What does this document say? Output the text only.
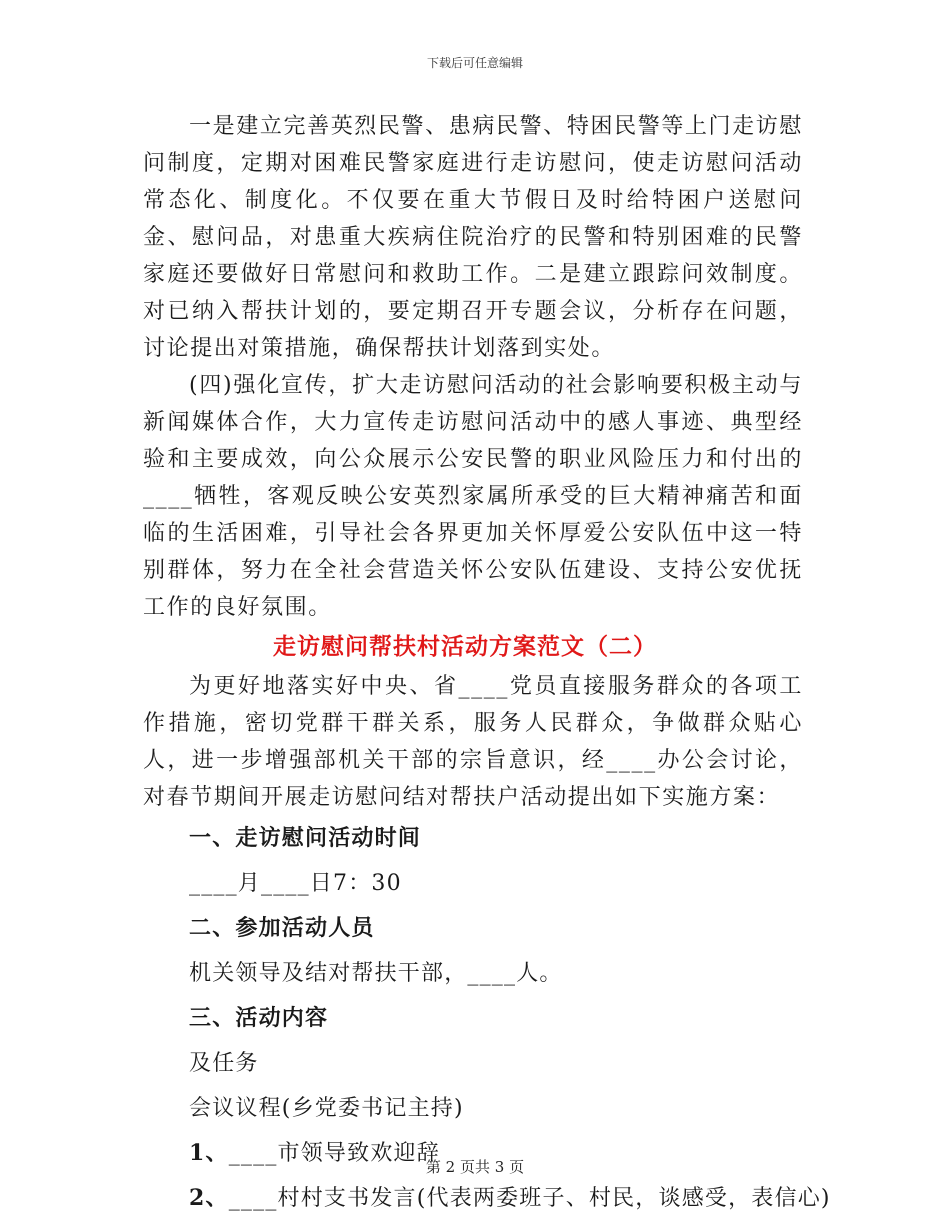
下载后可任意编辑

一是建立完善英烈民警、患病民警、特困民警等上门走访慰问制度，定期对困难民警家庭进行走访慰问，使走访慰问活动常态化、制度化。不仅要在重大节假日及时给特困户送慰问金、慰问品，对患重大疾病住院治疗的民警和特别困难的民警家庭还要做好日常慰问和救助工作。二是建立跟踪问效制度。对已纳入帮扶计划的，要定期召开专题会议，分析存在问题，讨论提出对策措施，确保帮扶计划落到实处。

(四)强化宣传，扩大走访慰问活动的社会影响要积极主动与新闻媒体合作，大力宣传走访慰问活动中的感人事迹、典型经验和主要成效，向公众展示公安民警的职业风险压力和付出的____牺牲，客观反映公安英烈家属所承受的巨大精神痛苦和面临的生活困难，引导社会各界更加关怀厚爱公安队伍中这一特别群体，努力在全社会营造关怀公安队伍建设、支持公安优抚工作的良好氛围。

走访慰问帮扶村活动方案范文（二）

为更好地落实好中央、省____党员直接服务群众的各项工作措施，密切党群干群关系，服务人民群众，争做群众贴心人，进一步增强部机关干部的宗旨意识，经____办公会讨论，对春节期间开展走访慰问结对帮扶户活动提出如下实施方案：

一、走访慰问活动时间

____月____日7：30

二、参加活动人员

机关领导及结对帮扶干部，____人。

三、活动内容

及任务

会议议程(乡党委书记主持)

1、____市领导致欢迎辞

2、____村村支书发言(代表两委班子、村民，谈感受，表信心)

第 2 页共 3 页
